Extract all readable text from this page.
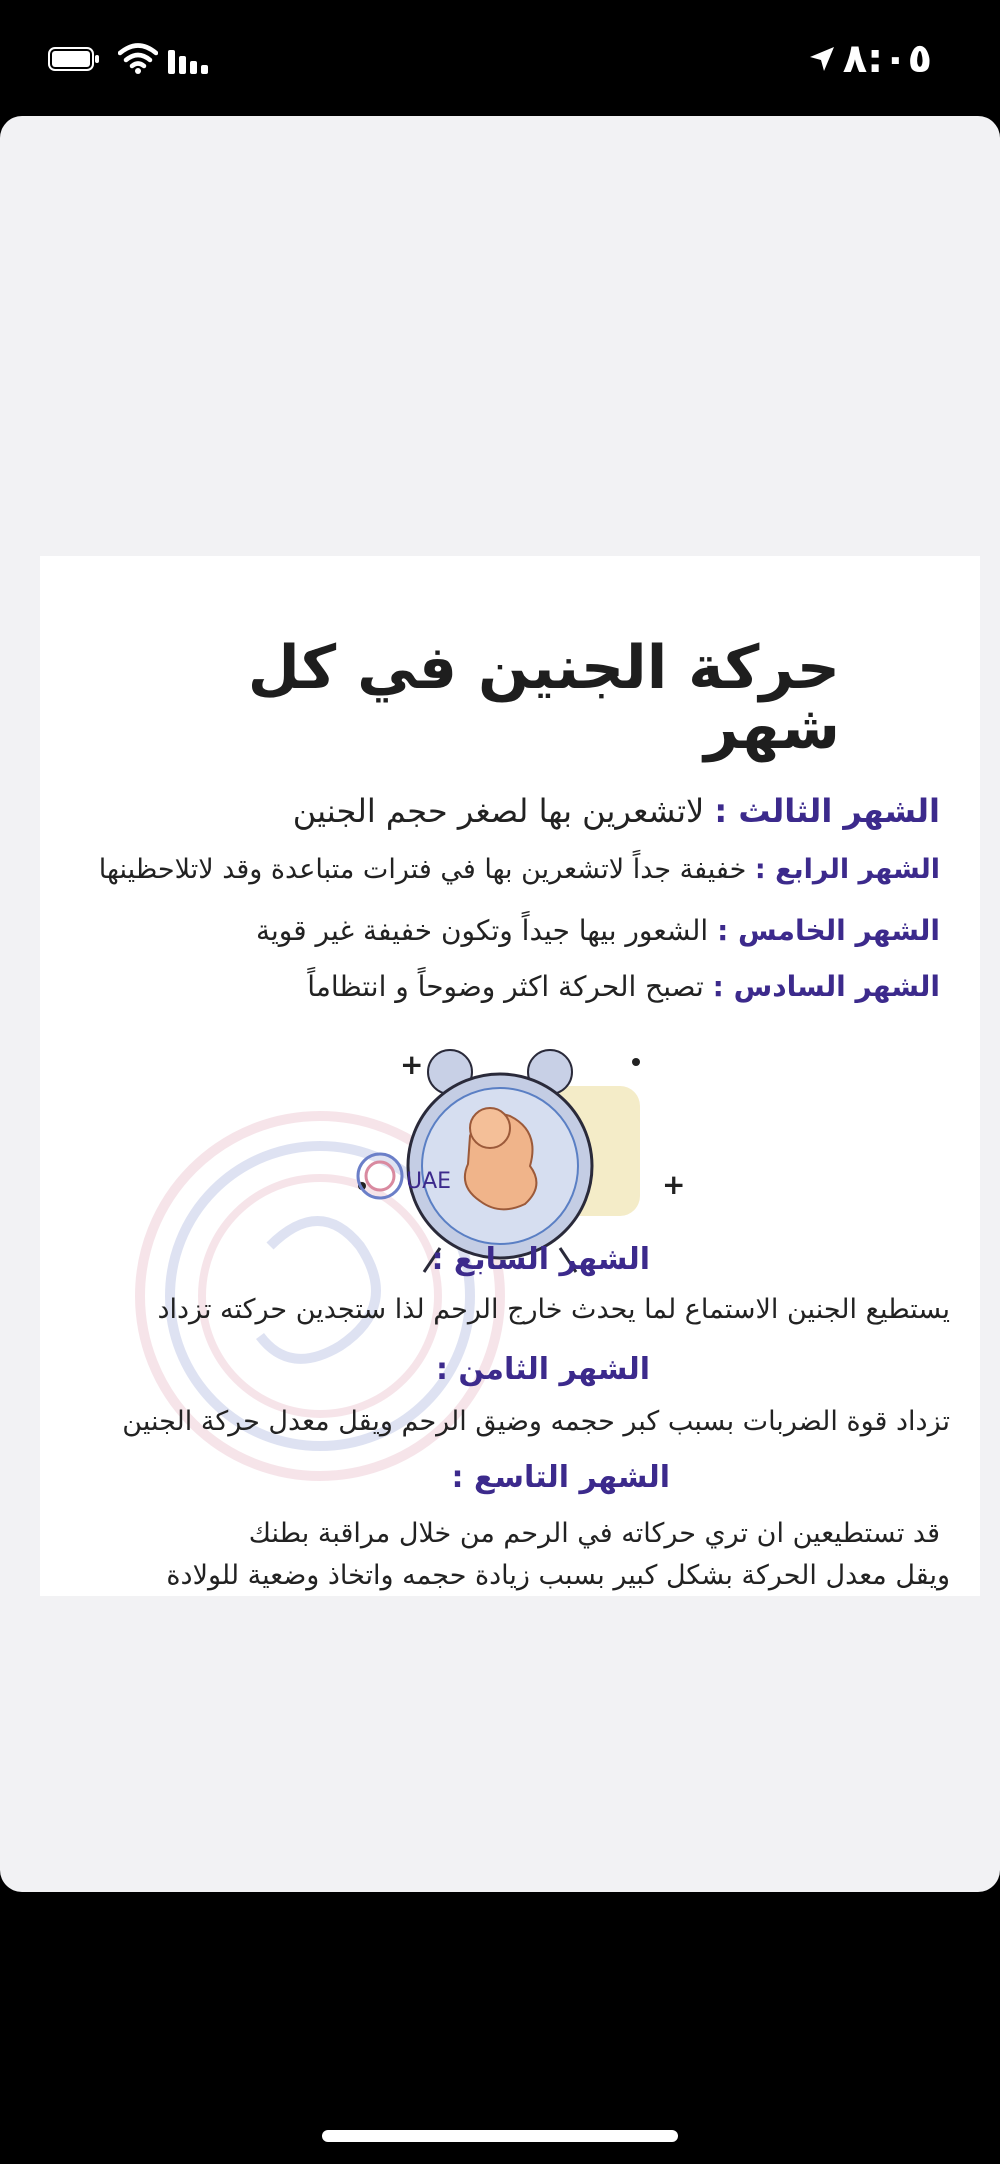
٨:٠٥
حركة الجنين في كل شهر
الشهر الثالث : لاتشعرين بها لصغر حجم الجنين
الشهر الرابع : خفيفة جداً لاتشعرين بها في فترات متباعدة وقد لاتلاحظينها
الشهر الخامس : الشعور بيها جيداً وتكون خفيفة غير قوية
الشهر السادس : تصبح الحركة اكثر وضوحاً و انتظاماً
+
+
UAE
الشهر السابع :
يستطيع الجنين الاستماع لما يحدث خارج الرحم لذا ستجدين حركته تزداد
الشهر الثامن :
تزداد قوة الضربات بسبب كبر حجمه وضيق الرحم ويقل معدل حركة الجنين
الشهر التاسع :
قد تستطيعين ان تري حركاته في الرحم من خلال مراقبة بطنك
ويقل معدل الحركة بشكل كبير بسبب زيادة حجمه واتخاذ وضعية للولادة
